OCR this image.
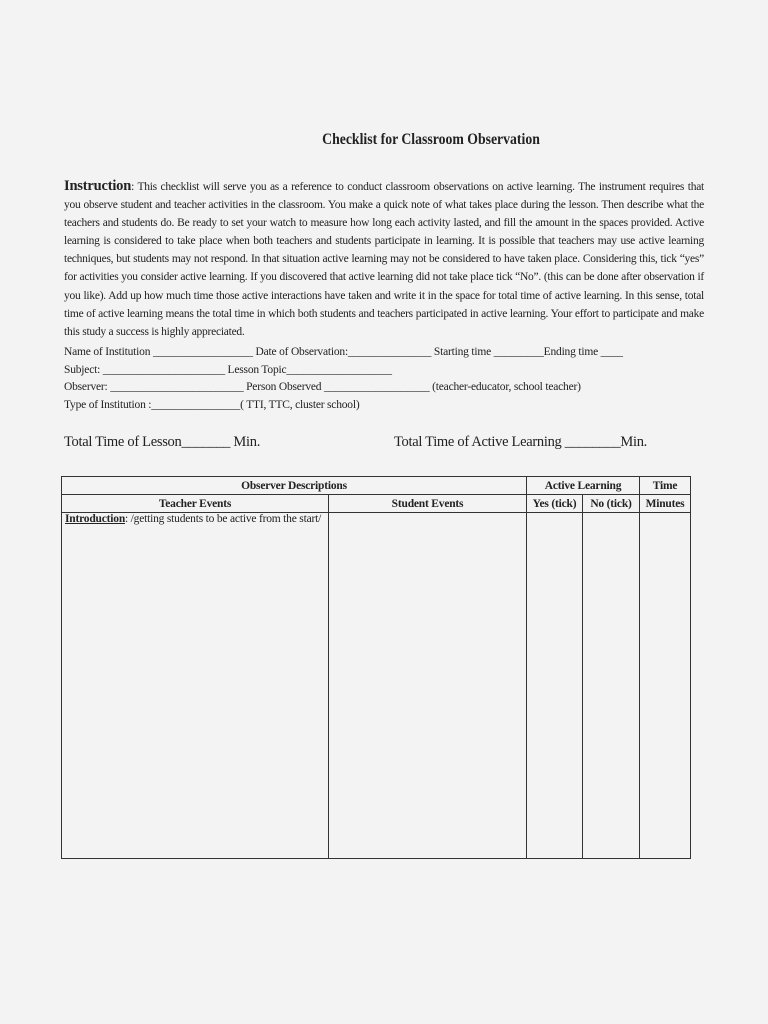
Checklist for Classroom Observation
Instruction: This checklist will serve you as a reference to conduct classroom observations on active learning. The instrument requires that you observe student and teacher activities in the classroom. You make a quick note of what takes place during the lesson. Then describe what the teachers and students do. Be ready to set your watch to measure how long each activity lasted, and fill the amount in the spaces provided. Active learning is considered to take place when both teachers and students participate in learning. It is possible that teachers may use active learning techniques, but students may not respond. In that situation active learning may not be considered to have taken place. Considering this, tick “yes” for activities you consider active learning. If you discovered that active learning did not take place tick “No”. (this can be done after observation if you like). Add up how much time those active interactions have taken and write it in the space for total time of active learning. In this sense, total time of active learning means the total time in which both students and teachers participated in active learning. Your effort to participate and make this study a success is highly appreciated.
Name of Institution __________________ Date of Observation:_______________ Starting time _________Ending time ____
Subject: ______________________ Lesson Topic___________________
Observer: ________________________ Person Observed ___________________ (teacher-educator, school teacher)
Type of Institution :________________( TTI, TTC, cluster school)
Total Time of Lesson_______ Min.	Total Time of Active Learning ________Min.
Observer Descriptions		Active Learning		Time
Teacher Events	Student Events	Yes (tick)	No (tick)	Minutes
Introduction: /getting students to be active from the start/				
